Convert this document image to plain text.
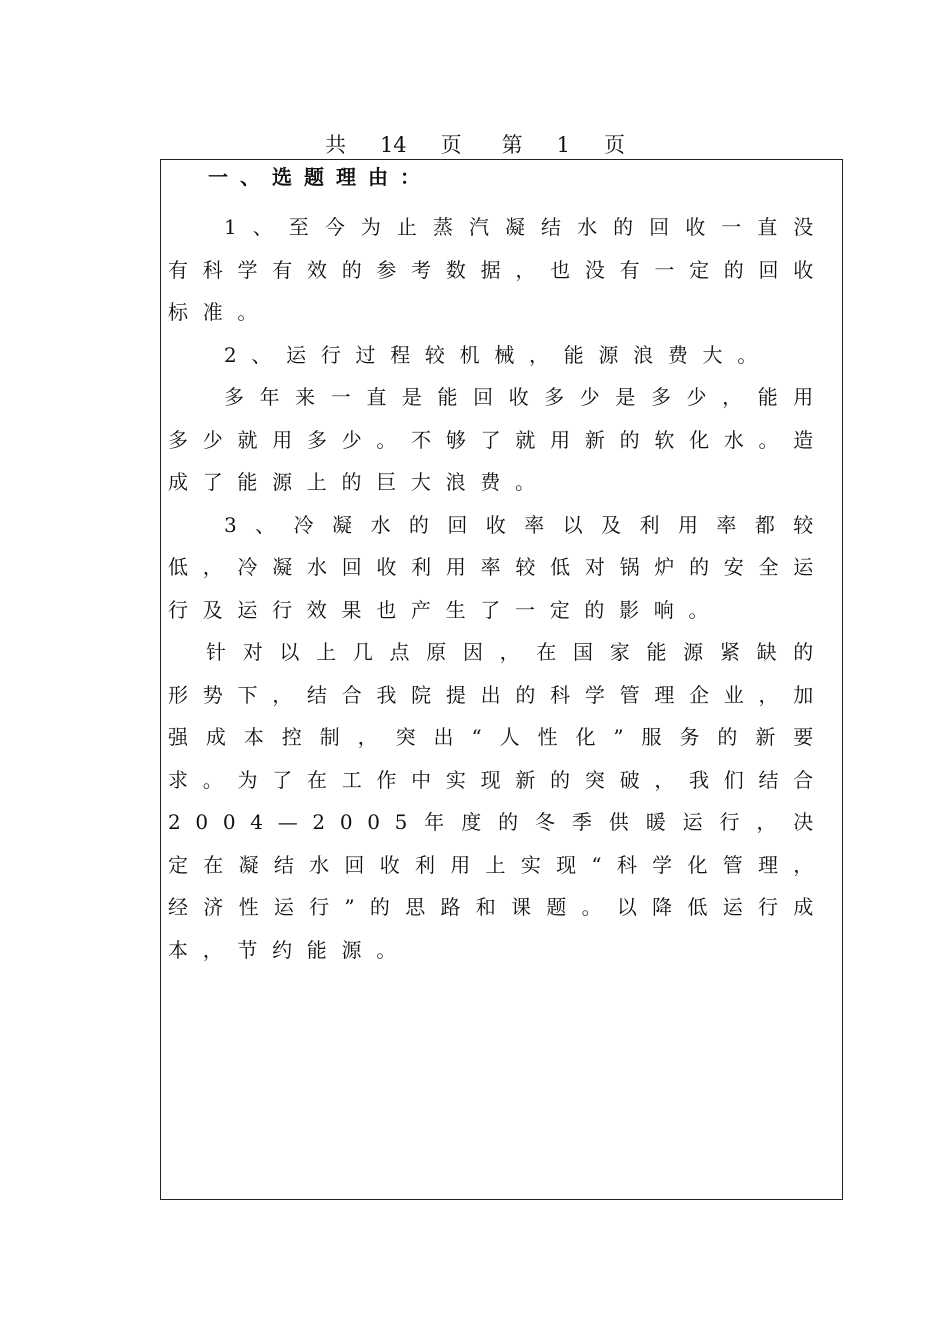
共 14 页 第 1 页
一、选题理由：

1、至今为止蒸汽凝结水的回收一直没有科学有效的参考数据，也没有一定的回收标准。

2、运行过程较机械，能源浪费大。

多年来一直是能回收多少是多少，能用多少就用多少。不够了就用新的软化水。造成了能源上的巨大浪费。

3、冷凝水的回收率以及利用率都较低，冷凝水回收利用率较低对锅炉的安全运行及运行效果也产生了一定的影响。

针对以上几点原因，在国家能源紧缺的形势下，结合我院提出的科学管理企业，加强成本控制，突出“人性化”服务的新要求。为了在工作中实现新的突破，我们结合2004—2005年度的冬季供暖运行，决定在凝结水回收利用上实现“科学化管理，经济性运行”的思路和课题。以降低运行成本，节约能源。
